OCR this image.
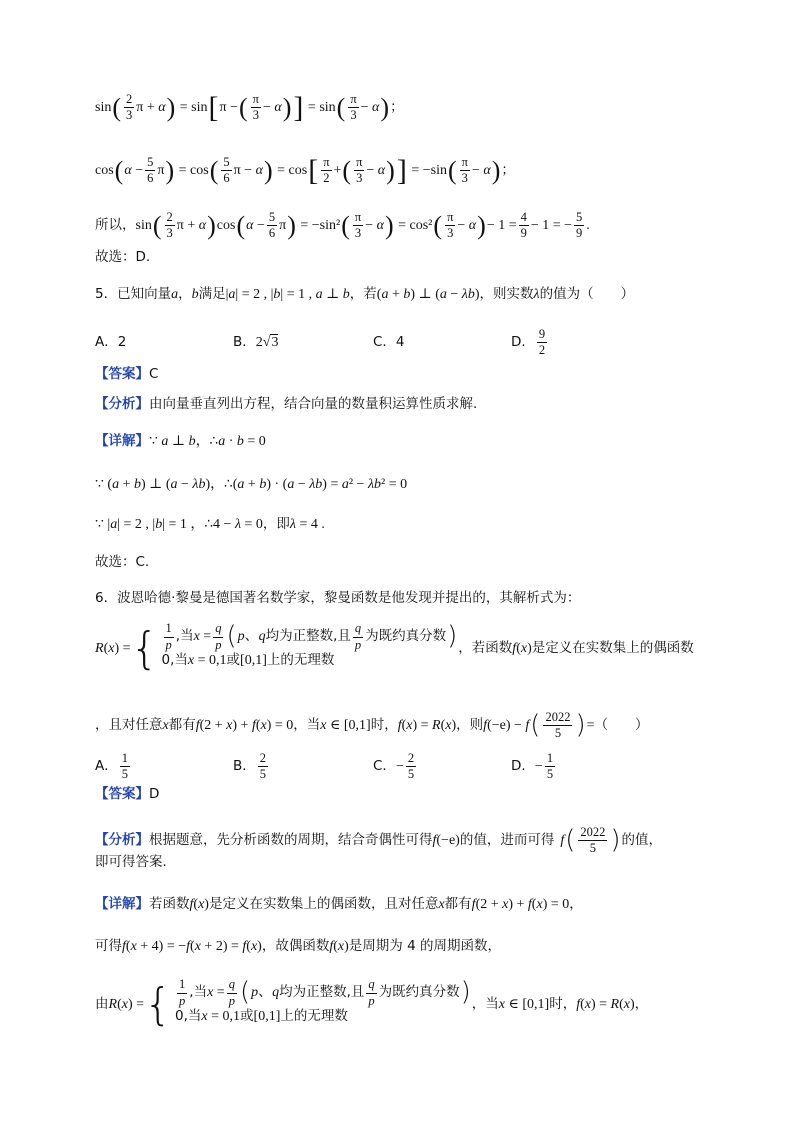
sin ( $\frac{2}{3}$ π + α ) = sin [ π − ( $\frac{\pi}{3} - \alpha$ ) ] = sin ( $\frac{\pi}{3} - \alpha$ ) ；
cos ( $\alpha - \frac{5}{6}$ π ) = cos ( $\frac{5}{6}$ π − α ) = cos [ $\frac{\pi}{2}$ + ( $\frac{\pi}{3} - \alpha$ ) ] = − sin ( $\frac{\pi}{3} - \alpha$ ) ；
所以， sin ( $\frac{2}{3}$ π + α ) cos ( $\alpha - \frac{5}{6}$ π ) = −sin² ( $\frac{\pi}{3} - \alpha$ ) = cos² ( $\frac{\pi}{3} - \alpha$ ) − $1 = \frac{4}{9} - 1$ = − $\frac{5}{9}$ .
故选：D.
5．已知向量 a ， b 满足 |a| = 2 , |b| = 1 , a ⊥ b ，若 (a + b) ⊥ (a − λb) ，则实数 λ 的值为（　　）
A．2	B． 2√3	C．4	D． $\frac{9}{2}$
【答案】 C
【分析】 由向量垂直列出方程，结合向量的数量积运算性质求解.
【详解】 ∵ a ⊥ b， ∴ a · b = 0
∵ (a + b) ⊥ (a − λb)， ∴ (a + b) · (a − λb) = a² − λb² = 0
∵ |a| = 2 , |b| = 1 ， ∴ 4 − λ = 0 ，即 λ = 4 .
故选：C.
6．波恩哈德·黎曼是德国著名数学家，黎曼函数是他发现并提出的，其解析式为：
R(x) = { $\frac{1}{p}$ , 当 $x = \frac{q}{p}$ ( p、q 均为正整数,且 $\frac{q}{p}$ 为既约真分数 )
0,当 x = 0,1 或 [0,1] 上的无理数
，若函数 f(x) 是定义在实数集上的偶函数
，且对任意 x 都有 f(2 + x) + f(x) = 0 ，当 x ∈ [0,1] 时， f(x) = R(x) ，则 f(−e) − f ( $\frac{2022}{5}$ ) = （　　）
A． $\frac{1}{5}$	B． $\frac{2}{5}$	C． − $\frac{2}{5}$	D． − $\frac{1}{5}$
【答案】 D
【分析】 根据题意，先分析函数的周期，结合奇偶性可得 f(−e) 的值，进而可得 f ( $\frac{2022}{5}$ ) 的值，
即可得答案．
【详解】 若函数 f(x) 是定义在实数集上的偶函数，且对任意 x 都有 f(2 + x) + f(x) = 0 ，
可得 f(x + 4) = −f(x + 2) = f(x) ，故偶函数 f(x) 是周期为 4 的周期函数，
由 R(x) = { $\frac{1}{p}$ , 当 $x = \frac{q}{p}$ ( p、q 均为正整数,且 $\frac{q}{p}$ 为既约真分数 )
0,当 x = 0,1 或 [0,1] 上的无理数
，当 x ∈ [0,1] 时， f(x) = R(x) ，
